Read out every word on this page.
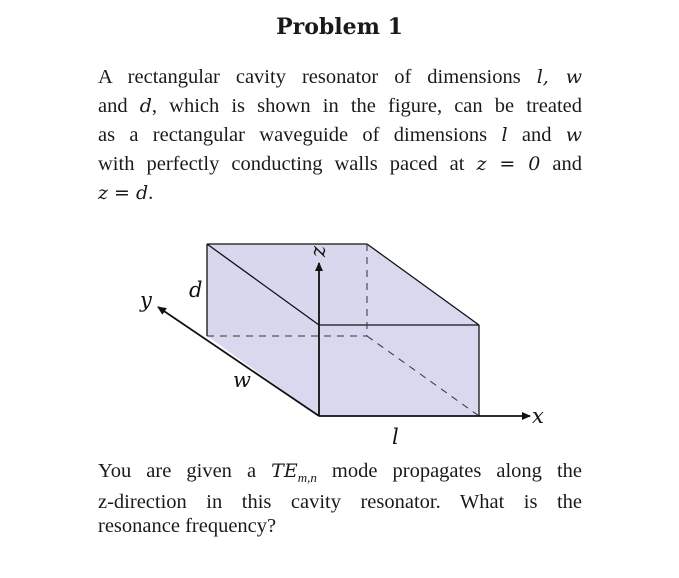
Problem 1
A rectangular cavity resonator of dimensions l, w
and d, which is shown in the figure, can be treated
as a rectangular waveguide of dimensions l and w
with perfectly conducting walls paced at z = 0 and
z = d.
d
w
l
x
y
z
You are given a $TE_{m,n}$ mode propagates along the
z-direction in this cavity resonator. What is the
resonance frequency?
